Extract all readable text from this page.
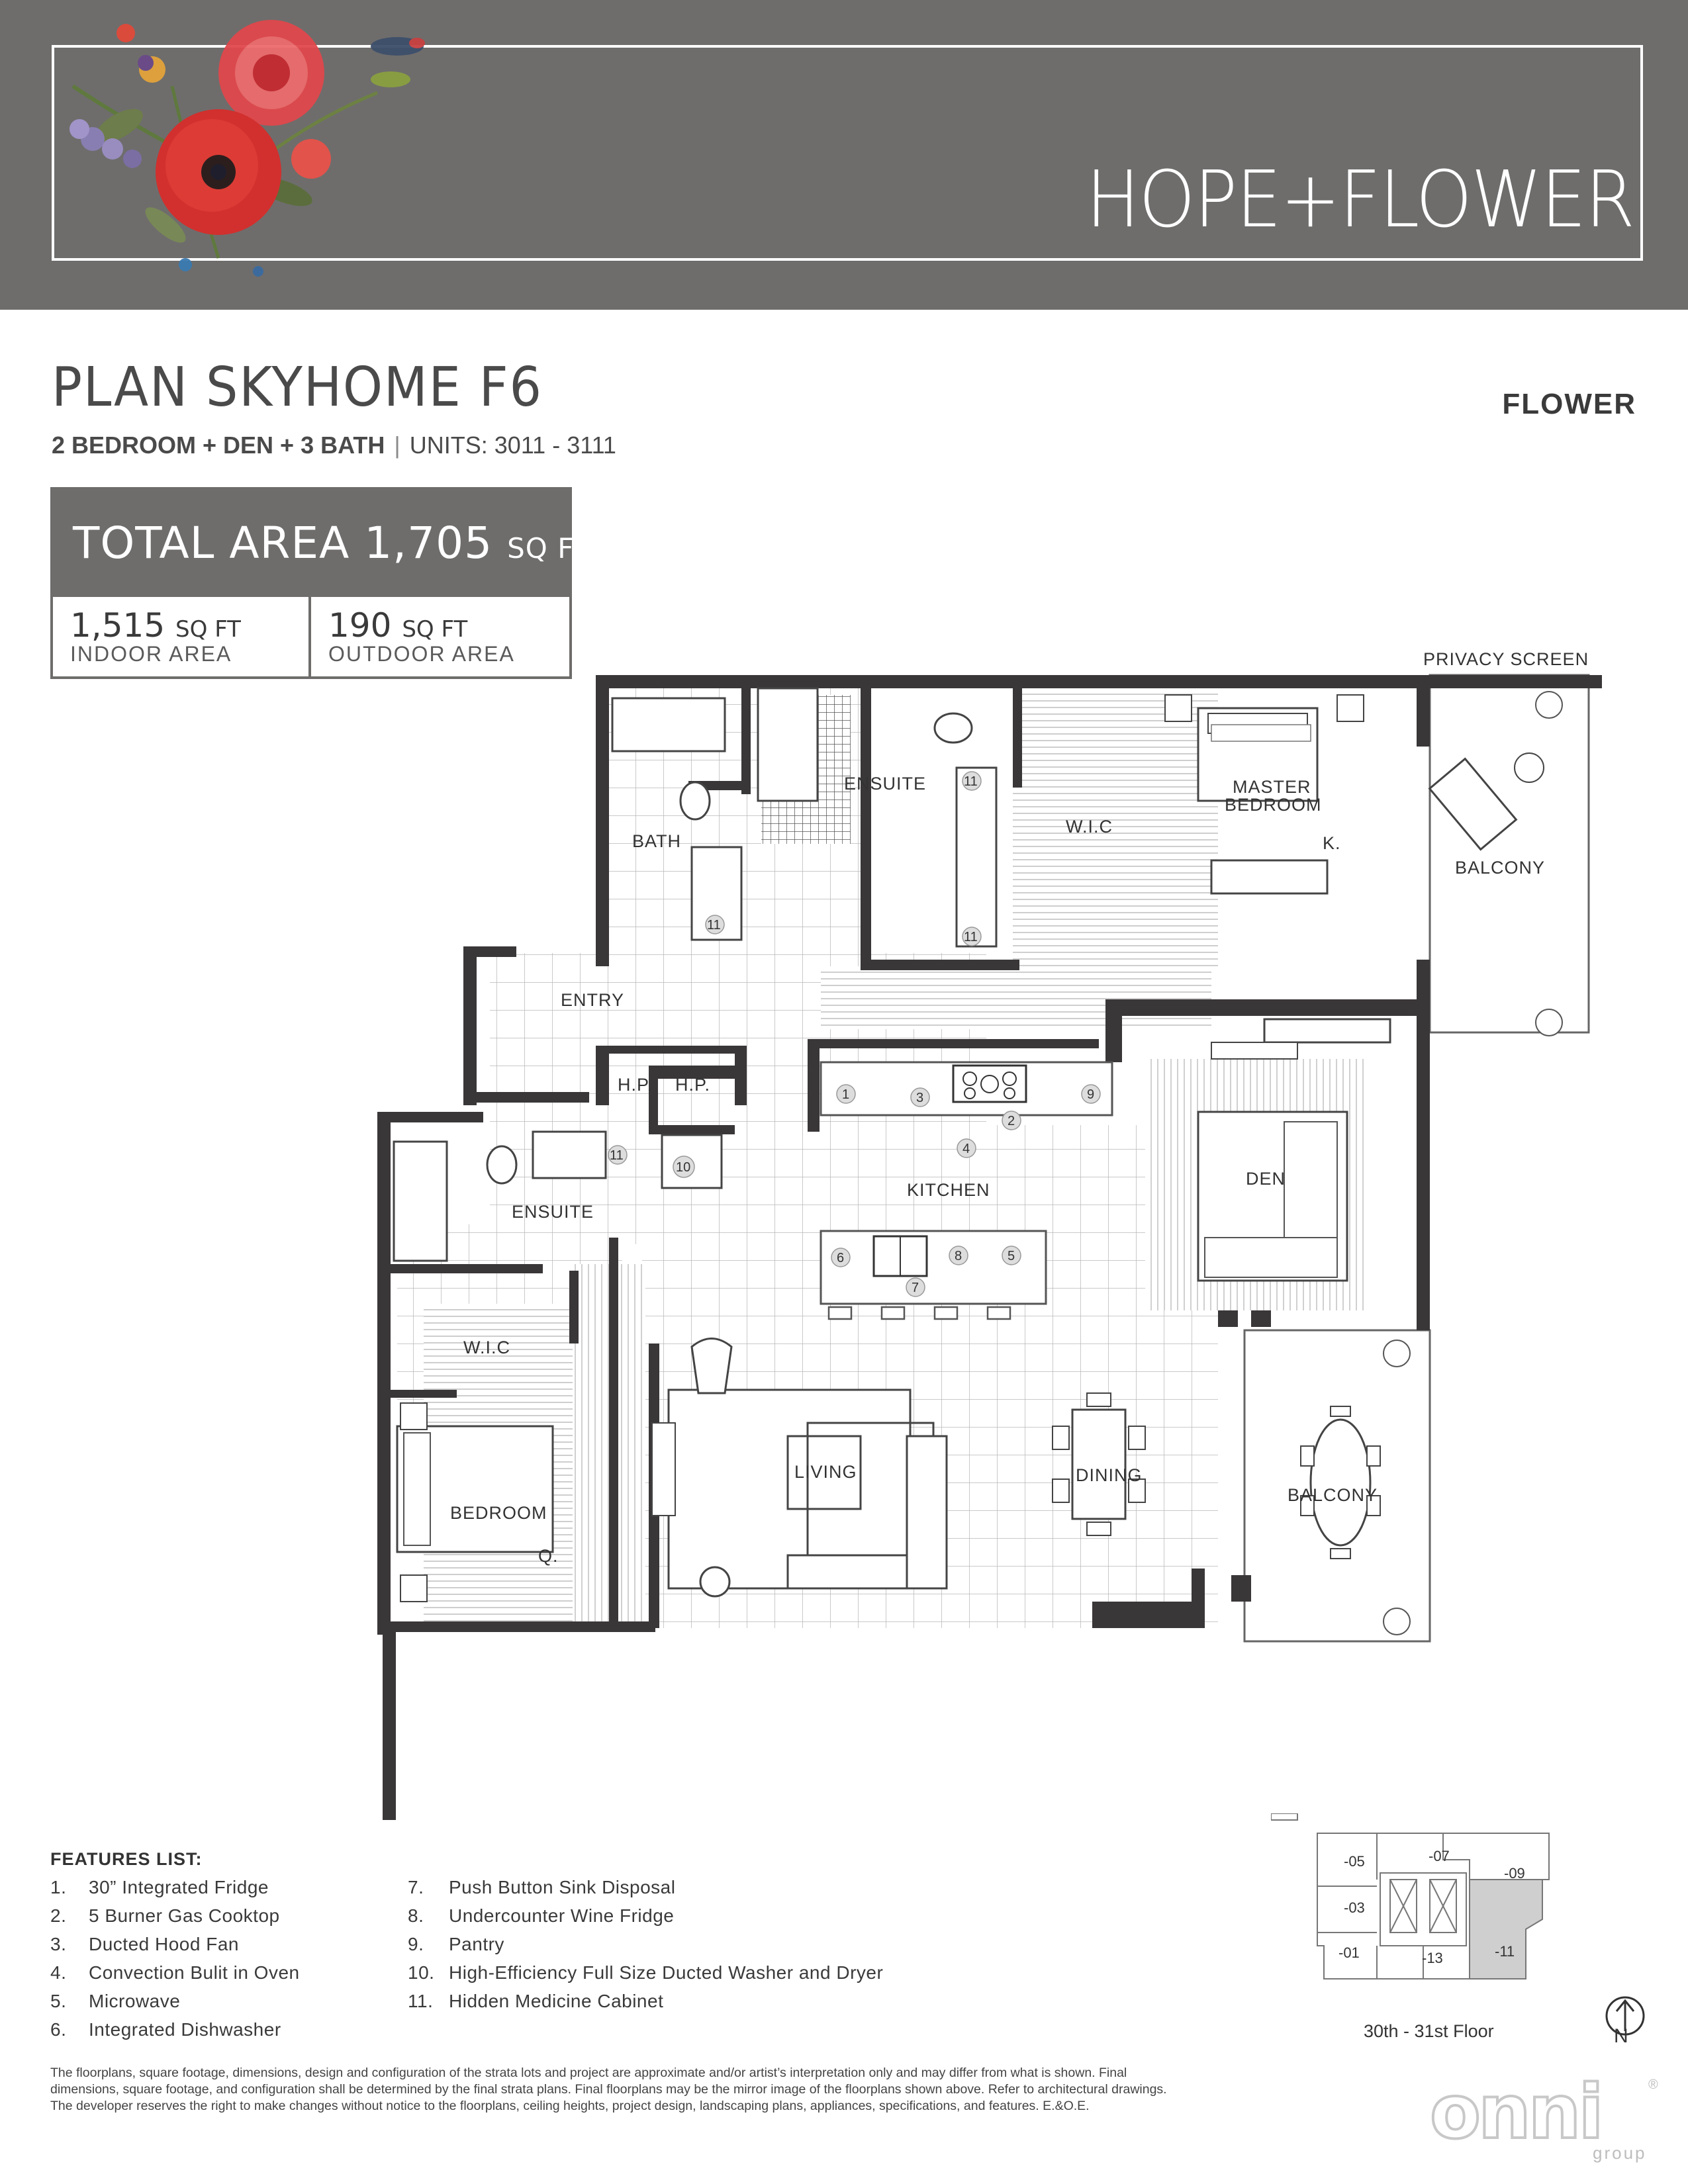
HOPE+FLOWER
PLAN SKYHOME F6	FLOWER
2 BEDROOM + DEN + 3 BATH | UNITS: 3011 - 3111
TOTAL AREA 1,705 SQ FT
1,515 SQ FT
INDOOR AREA
190 SQ FT
OUTDOOR AREA	PRIVACY SCREEN
ENSUITE
BATH
MASTER
BEDROOM
W.I.C
K.
BALCONY
ENTRY
H.P. H.P.
KITCHEN
DEN
ENSUITE
W.I.C
BEDROOM
Q.
LIVING	DINING
BALCONY
1
2
3
4
5
6
7
8
9
10
11
11
11
11
FEATURES LIST:
1. 30” Integrated Fridge
2. 5 Burner Gas Cooktop
3. Ducted Hood Fan
4. Convection Bulit in Oven
5. Microwave
6. Integrated Dishwasher
7. Push Button Sink Disposal
8. Undercounter Wine Fridge
9. Pantry
10. High-Efficiency Full Size Ducted Washer and Dryer
11. Hidden Medicine Cabinet
-05	-07
-09
-03
-01	-13	-11
30th - 31st Floor	N
The floorplans, square footage, dimensions, design and configuration of the strata lots and project are approximate and/or artist’s interpretation only and may differ from what is shown. Final dimensions, square footage, and configuration shall be determined by the final strata plans. Final floorplans may be the mirror image of the floorplans shown above. Refer to architectural drawings. The developer reserves the right to make changes without notice to the floorplans, ceiling heights, project design, landscaping plans, appliances, specifications, and features. E.&O.E.	onni
group
®
